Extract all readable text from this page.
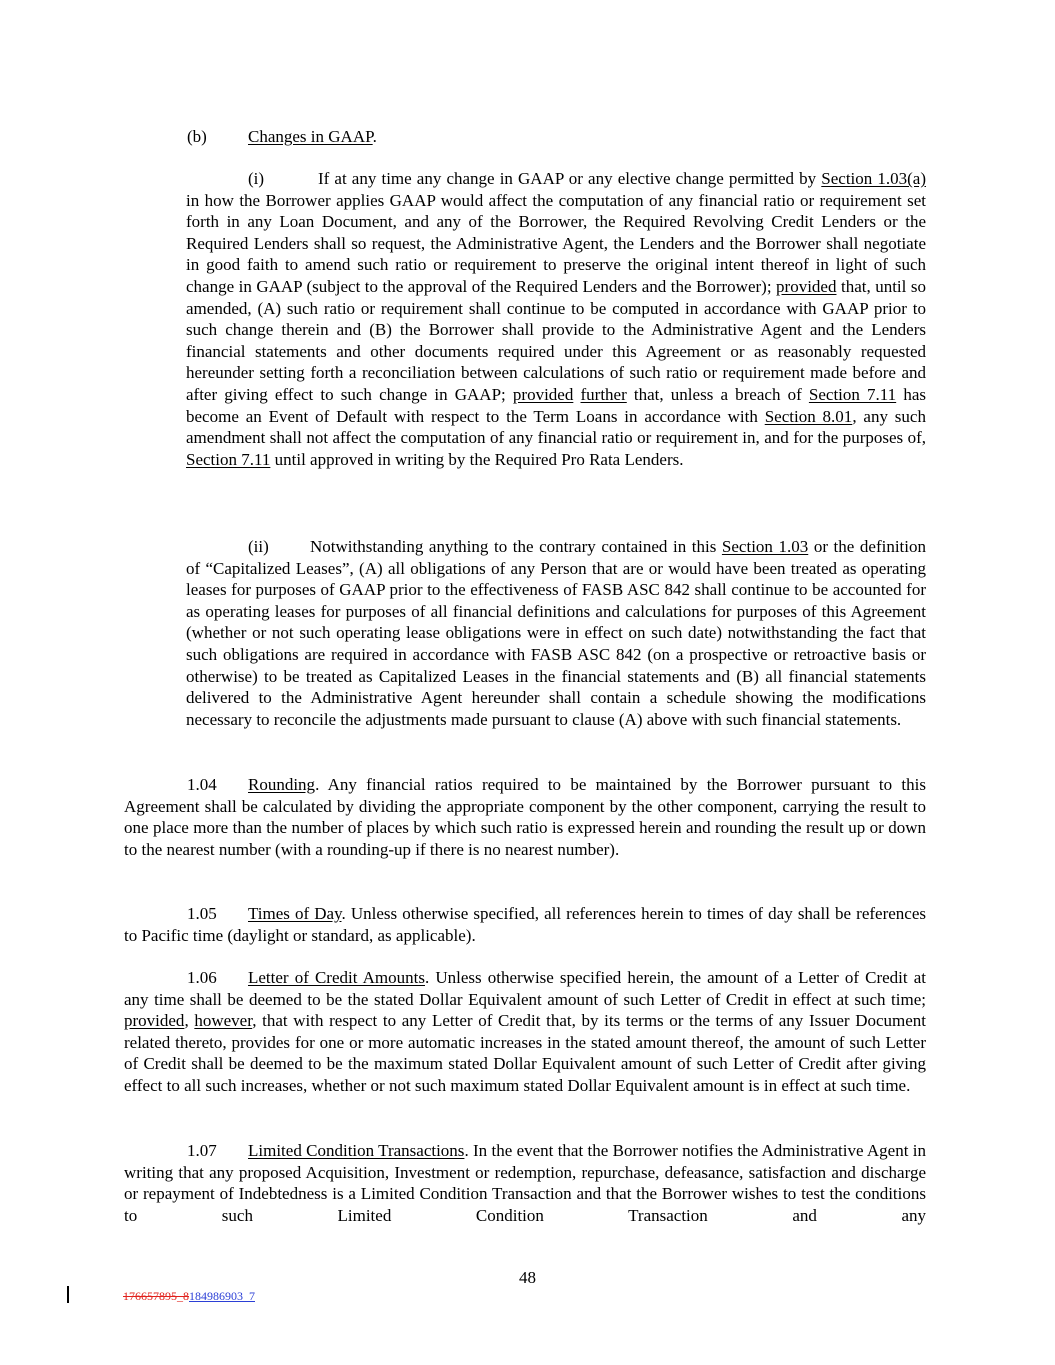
(b) Changes in GAAP.

(i)	If at any time any change in GAAP or any elective change permitted by Section 1.03(a) in how the Borrower applies GAAP would affect the computation of any financial ratio or requirement set forth in any Loan Document, and any of the Borrower, the Required Revolving Credit Lenders or the Required Lenders shall so request, the Administrative Agent, the Lenders and the Borrower shall negotiate in good faith to amend such ratio or requirement to preserve the original intent thereof in light of such change in GAAP (subject to the approval of the Required Lenders and the Borrower); provided that, until so amended, (A) such ratio or requirement shall continue to be computed in accordance with GAAP prior to such change therein and (B) the Borrower shall provide to the Administrative Agent and the Lenders financial statements and other documents required under this Agreement or as reasonably requested hereunder setting forth a reconciliation between calculations of such ratio or requirement made before and after giving effect to such change in GAAP; provided further that, unless a breach of Section 7.11 has become an Event of Default with respect to the Term Loans in accordance with Section 8.01, any such amendment shall not affect the computation of any financial ratio or requirement in, and for the purposes of, Section 7.11 until approved in writing by the Required Pro Rata Lenders.

(ii) Notwithstanding anything to the contrary contained in this Section 1.03 or the definition of “Capitalized Leases”, (A) all obligations of any Person that are or would have been treated as operating leases for purposes of GAAP prior to the effectiveness of FASB ASC 842 shall continue to be accounted for as operating leases for purposes of all financial definitions and calculations for purposes of this Agreement (whether or not such operating lease obligations were in effect on such date) notwithstanding the fact that such obligations are required in accordance with FASB ASC 842 (on a prospective or retroactive basis or otherwise) to be treated as Capitalized Leases in the financial statements and (B) all financial statements delivered to the Administrative Agent hereunder shall contain a schedule showing the modifications necessary to reconcile the adjustments made pursuant to clause (A) above with such financial statements.

1.04 Rounding. Any financial ratios required to be maintained by the Borrower pursuant to this Agreement shall be calculated by dividing the appropriate component by the other component, carrying the result to one place more than the number of places by which such ratio is expressed herein and rounding the result up or down to the nearest number (with a rounding-up if there is no nearest number).

1.05 Times of Day. Unless otherwise specified, all references herein to times of day shall be references to Pacific time (daylight or standard, as applicable).

1.06 Letter of Credit Amounts. Unless otherwise specified herein, the amount of a Letter of Credit at any time shall be deemed to be the stated Dollar Equivalent amount of such Letter of Credit in effect at such time; provided, however, that with respect to any Letter of Credit that, by its terms or the terms of any Issuer Document related thereto, provides for one or more automatic increases in the stated amount thereof, the amount of such Letter of Credit shall be deemed to be the maximum stated Dollar Equivalent amount of such Letter of Credit after giving effect to all such increases, whether or not such maximum stated Dollar Equivalent amount is in effect at such time.

1.07 Limited Condition Transactions. In the event that the Borrower notifies the Administrative Agent in writing that any proposed Acquisition, Investment or redemption, repurchase, defeasance, satisfaction and discharge or repayment of Indebtedness is a Limited Condition Transaction and that the Borrower wishes to test the conditions to such Limited Condition Transaction and any

48
176657895_8184986903_7
